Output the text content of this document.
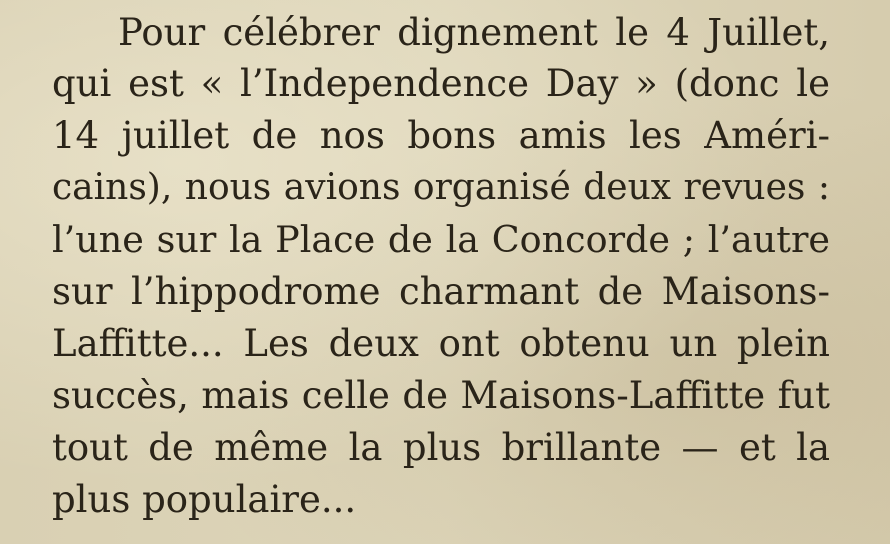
Pour célébrer dignement le 4 Juillet,
qui est « l’Independence Day » (donc le
14 juillet de nos bons amis les Améri-
cains), nous avions organisé deux revues :
l’une sur la Place de la Concorde ; l’autre
sur l’hippodrome charmant de Maisons-
Laffitte... Les deux ont obtenu un plein
succès, mais celle de Maisons-Laffitte fut
tout de même la plus brillante — et la
plus populaire...
